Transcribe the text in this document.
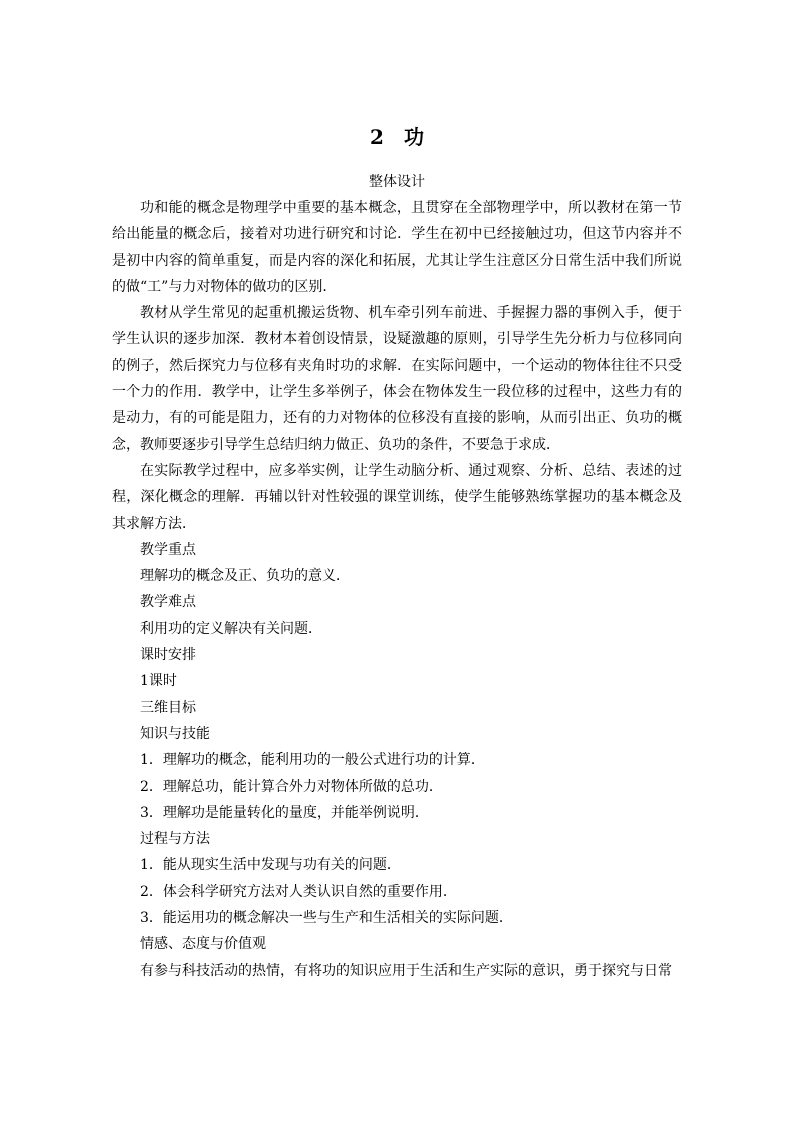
2 功
整体设计

功和能的概念是物理学中重要的基本概念，且贯穿在全部物理学中，所以教材在第一节给出能量的概念后，接着对功进行研究和讨论．学生在初中已经接触过功，但这节内容并不是初中内容的简单重复，而是内容的深化和拓展，尤其让学生注意区分日常生活中我们所说的做“工”与力对物体的做功的区别．

教材从学生常见的起重机搬运货物、机车牵引列车前进、手握握力器的事例入手，便于学生认识的逐步加深．教材本着创设情景，设疑激趣的原则，引导学生先分析力与位移同向的例子，然后探究力与位移有夹角时功的求解．在实际问题中，一个运动的物体往往不只受一个力的作用．教学中，让学生多举例子，体会在物体发生一段位移的过程中，这些力有的是动力，有的可能是阻力，还有的力对物体的位移没有直接的影响，从而引出正、负功的概念，教师要逐步引导学生总结归纳力做正、负功的条件，不要急于求成．

在实际教学过程中，应多举实例，让学生动脑分析、通过观察、分析、总结、表述的过程，深化概念的理解．再辅以针对性较强的课堂训练，使学生能够熟练掌握功的基本概念及其求解方法．

教学重点

理解功的概念及正、负功的意义．

教学难点

利用功的定义解决有关问题．

课时安排

1课时

三维目标

知识与技能

1．理解功的概念，能利用功的一般公式进行功的计算．

2．理解总功，能计算合外力对物体所做的总功．

3．理解功是能量转化的量度，并能举例说明．

过程与方法

1．能从现实生活中发现与功有关的问题．

2．体会科学研究方法对人类认识自然的重要作用．

3．能运用功的概念解决一些与生产和生活相关的实际问题．

情感、态度与价值观

有参与科技活动的热情，有将功的知识应用于生活和生产实际的意识，勇于探究与日常
